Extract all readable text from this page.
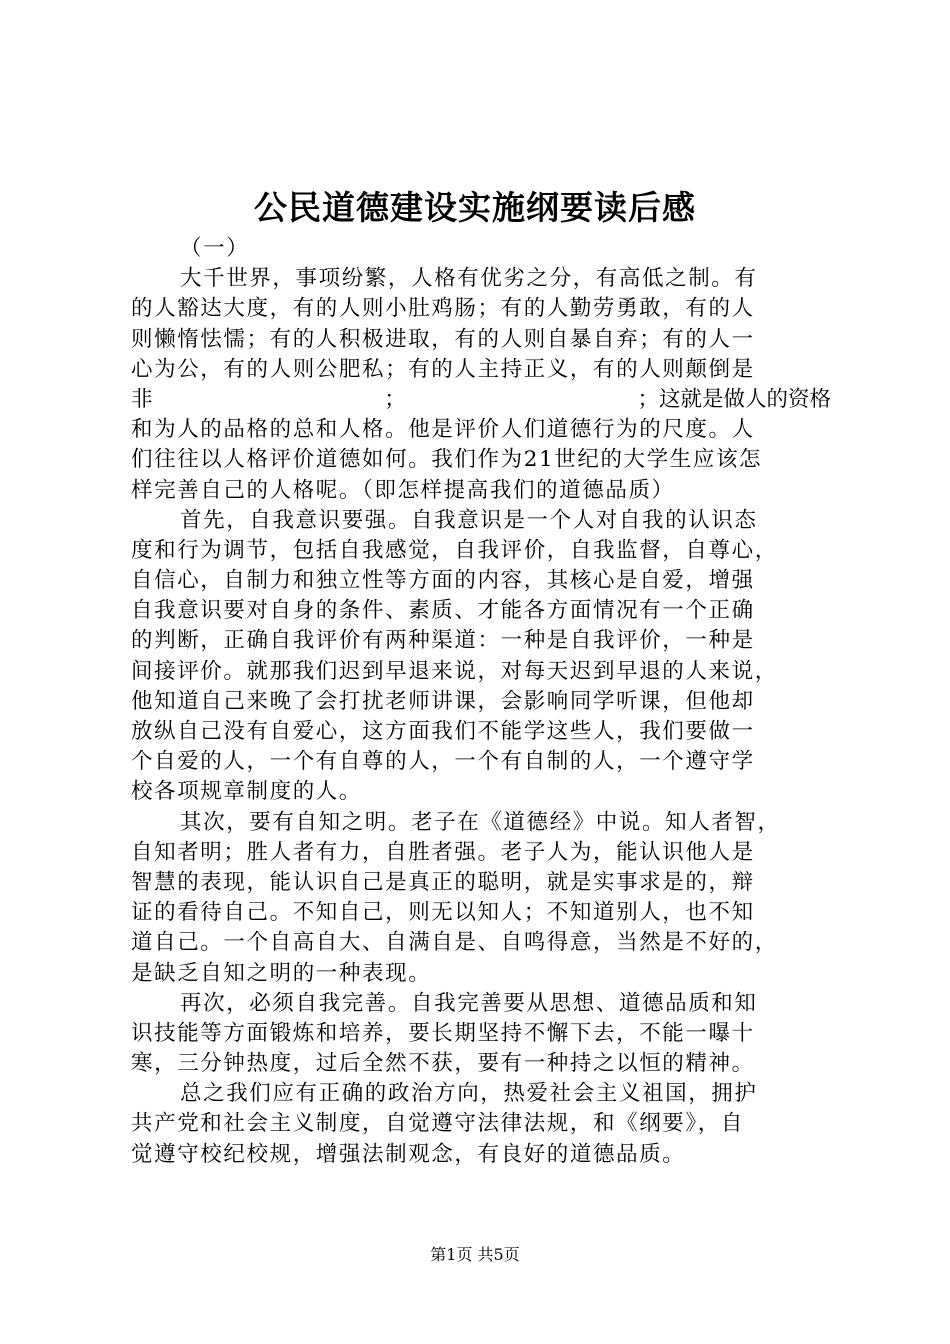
公民道德建设实施纲要读后感

（一）

大千世界，事项纷繁，人格有优劣之分，有高低之制。有

的人豁达大度，有的人则小肚鸡肠；有的人勤劳勇敢，有的人

则懒惰怯懦；有的人积极进取，有的人则自暴自弃；有的人一

心为公，有的人则公肥私；有的人主持正义，有的人则颠倒是

非	；	；这就是做人的资格

和为人的品格的总和人格。他是评价人们道德行为的尺度。人

们往往以人格评价道德如何。我们作为21世纪的大学生应该怎

样完善自己的人格呢。（即怎样提高我们的道德品质）

首先，自我意识要强。自我意识是一个人对自我的认识态

度和行为调节，包括自我感觉，自我评价，自我监督，自尊心，

自信心，自制力和独立性等方面的内容，其核心是自爱，增强

自我意识要对自身的条件、素质、才能各方面情况有一个正确

的判断，正确自我评价有两种渠道：一种是自我评价，一种是

间接评价。就那我们迟到早退来说，对每天迟到早退的人来说，

他知道自己来晚了会打扰老师讲课，会影响同学听课，但他却

放纵自己没有自爱心，这方面我们不能学这些人，我们要做一

个自爱的人，一个有自尊的人，一个有自制的人，一个遵守学

校各项规章制度的人。

其次，要有自知之明。老子在《道德经》中说。知人者智，

自知者明；胜人者有力，自胜者强。老子人为，能认识他人是

智慧的表现，能认识自己是真正的聪明，就是实事求是的，辩

证的看待自己。不知自己，则无以知人；不知道别人，也不知

道自己。一个自高自大、自满自是、自鸣得意，当然是不好的，

是缺乏自知之明的一种表现。

再次，必须自我完善。自我完善要从思想、道德品质和知

识技能等方面锻炼和培养，要长期坚持不懈下去，不能一曝十

寒，三分钟热度，过后全然不获，要有一种持之以恒的精神。

总之我们应有正确的政治方向，热爱社会主义祖国，拥护

共产党和社会主义制度，自觉遵守法律法规，和《纲要》，自

觉遵守校纪校规，增强法制观念，有良好的道德品质。

第1页 共5页
